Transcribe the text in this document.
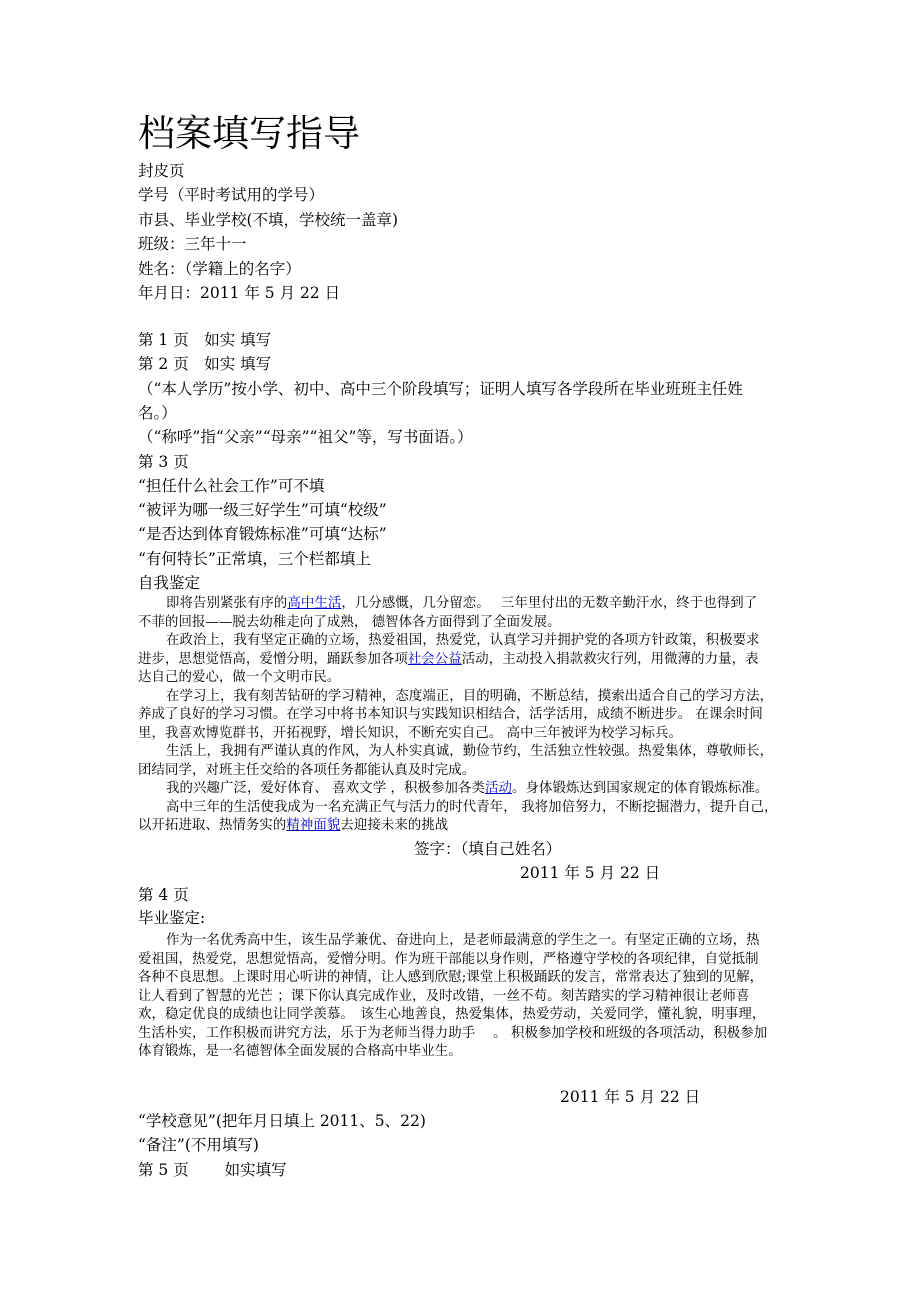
档案填写指导
封皮页
学号（平时考试用的学号）
市县、毕业学校(不填，学校统一盖章)
班级：三年十一
姓名：（学籍上的名字）
年月日：2011 年 5 月 22 日
第 1 页　如实 填写
第 2 页　如实 填写
（“本人学历”按小学、初中、高中三个阶段填写；证明人填写各学段所在毕业班班主任姓
名。）
（“称呼”指“父亲”“母亲”“祖父”等，写书面语。）
第 3 页
“担任什么社会工作”可不填
“被评为哪一级三好学生”可填“校级”
“是否达到体育锻炼标准”可填“达标”
“有何特长”正常填，三个栏都填上
自我鉴定
即将告别紧张有序的高中生活，几分感慨，几分留恋。　 三年里付出的无数辛勤汗水，终于也得到了
不菲的回报——脱去幼稚走向了成熟， 德智体各方面得到了全面发展。
在政治上，我有坚定正确的立场，热爱祖国，热爱党，认真学习并拥护党的各项方针政策，积极要求
进步，思想觉悟高，爱憎分明，踊跃参加各项社会公益活动，主动投入捐款救灾行列，用微薄的力量，表
达自己的爱心，做一个文明市民。
在学习上，我有刻苦钻研的学习精神，态度端正，目的明确，不断总结，摸索出适合自己的学习方法，
养成了良好的学习习惯。在学习中将书本知识与实践知识相结合，活学活用，成绩不断进步。 在课余时间
里，我喜欢博览群书，开拓视野，增长知识，不断充实自己。 高中三年被评为校学习标兵。
生活上，我拥有严谨认真的作风，为人朴实真诚，勤俭节约，生活独立性较强。热爱集体，尊敬师长，
团结同学，对班主任交给的各项任务都能认真及时完成。
我的兴趣广泛，爱好体育、 喜欢文学 ，积极参加各类活动。身体锻炼达到国家规定的体育锻炼标准。
高中三年的生活使我成为一名充满正气与活力的时代青年， 我将加倍努力，不断挖掘潜力，提升自己，
以开拓进取、热情务实的精神面貌去迎接未来的挑战
签字：（填自己姓名）
2011 年 5 月 22 日
第 4 页
毕业鉴定:
作为一名优秀高中生，该生品学兼优、奋进向上，是老师最满意的学生之一。有坚定正确的立场，热
爱祖国，热爱党，思想觉悟高，爱憎分明。作为班干部能以身作则，严格遵守学校的各项纪律，自觉抵制
各种不良思想。上课时用心听讲的神情，让人感到欣慰;课堂上积极踊跃的发言，常常表达了独到的见解，
让人看到了智慧的光芒 ；课下你认真完成作业，及时改错，一丝不苟。刻苦踏实的学习精神很让老师喜
欢，稳定优良的成绩也让同学羡慕。　该生心地善良，热爱集体，热爱劳动，关爱同学，懂礼貌，明事理，
生活朴实，工作积极而讲究方法，乐于为老师当得力助手　 。 积极参加学校和班级的各项活动，积极参加
体育锻炼，是一名德智体全面发展的合格高中毕业生。
2011 年 5 月 22 日
“学校意见”(把年月日填上 2011、5、22)
“备注”(不用填写)
第 5 页　　 如实填写
